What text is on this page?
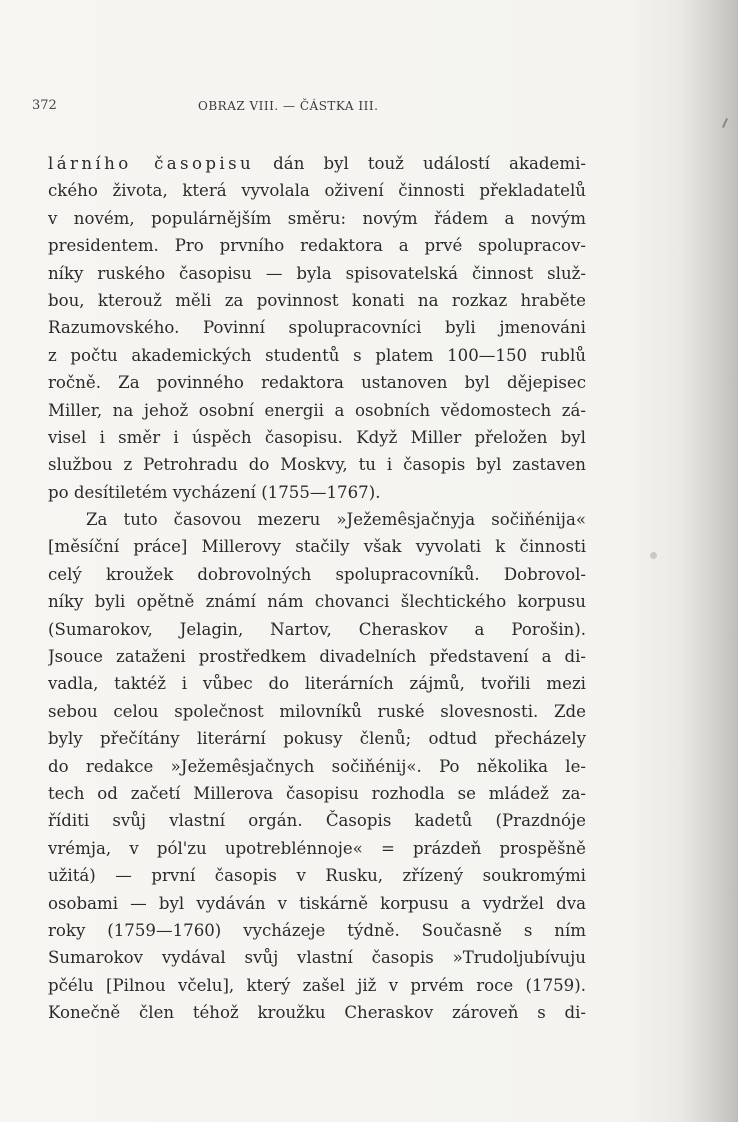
372	OBRAZ VIII. — ČÁSTKA III.
lárního časopisu dán byl touž událostí akademi-
ckého života, která vyvolala oživení činnosti překladatelů
v novém, populárnějším směru: novým řádem a novým
presidentem. Pro prvního redaktora a prvé spolupracov-
níky ruského časopisu — byla spisovatelská činnost služ-
bou, kterouž měli za povinnost konati na rozkaz hraběte
Razumovského. Povinní spolupracovníci byli jmenováni
z počtu akademických studentů s platem 100—150 rublů
ročně. Za povinného redaktora ustanoven byl dějepisec
Miller, na jehož osobní energii a osobních vědomostech zá-
visel i směr i úspěch časopisu. Když Miller přeložen byl
službou z Petrohradu do Moskvy, tu i časopis byl zastaven
po desítiletém vycházení (1755—1767).
Za tuto časovou mezeru »Ježemêsjačnyja sočiňénija«
[měsíční práce] Millerovy stačily však vyvolati k činnosti
celý kroužek dobrovolných spolupracovníků. Dobrovol-
níky byli opětně známí nám chovanci šlechtického korpusu
(Sumarokov, Jelagin, Nartov, Cheraskov a Porošin).
Jsouce zataženi prostředkem divadelních představení a di-
vadla, taktéž i vůbec do literárních zájmů, tvořili mezi
sebou celou společnost milovníků ruské slovesnosti. Zde
byly přečítány literární pokusy členů; odtud přecházely
do redakce »Ježemêsjačnych sočiňénij«. Po několika le-
tech od začetí Millerova časopisu rozhodla se mládež za-
říditi svůj vlastní orgán. Časopis kadetů (Prazdnóje
vrémja, v pól'zu upotreblénnoje« = prázdeň prospěšně
užitá) — první časopis v Rusku, zřízený soukromými
osobami — byl vydáván v tiskárně korpusu a vydržel dva
roky (1759—1760) vycházeje týdně. Současně s ním
Sumarokov vydával svůj vlastní časopis »Trudoljubívuju
pčélu [Pilnou včelu], který zašel již v prvém roce (1759).
Konečně člen téhož kroužku Cheraskov zároveň s di-
